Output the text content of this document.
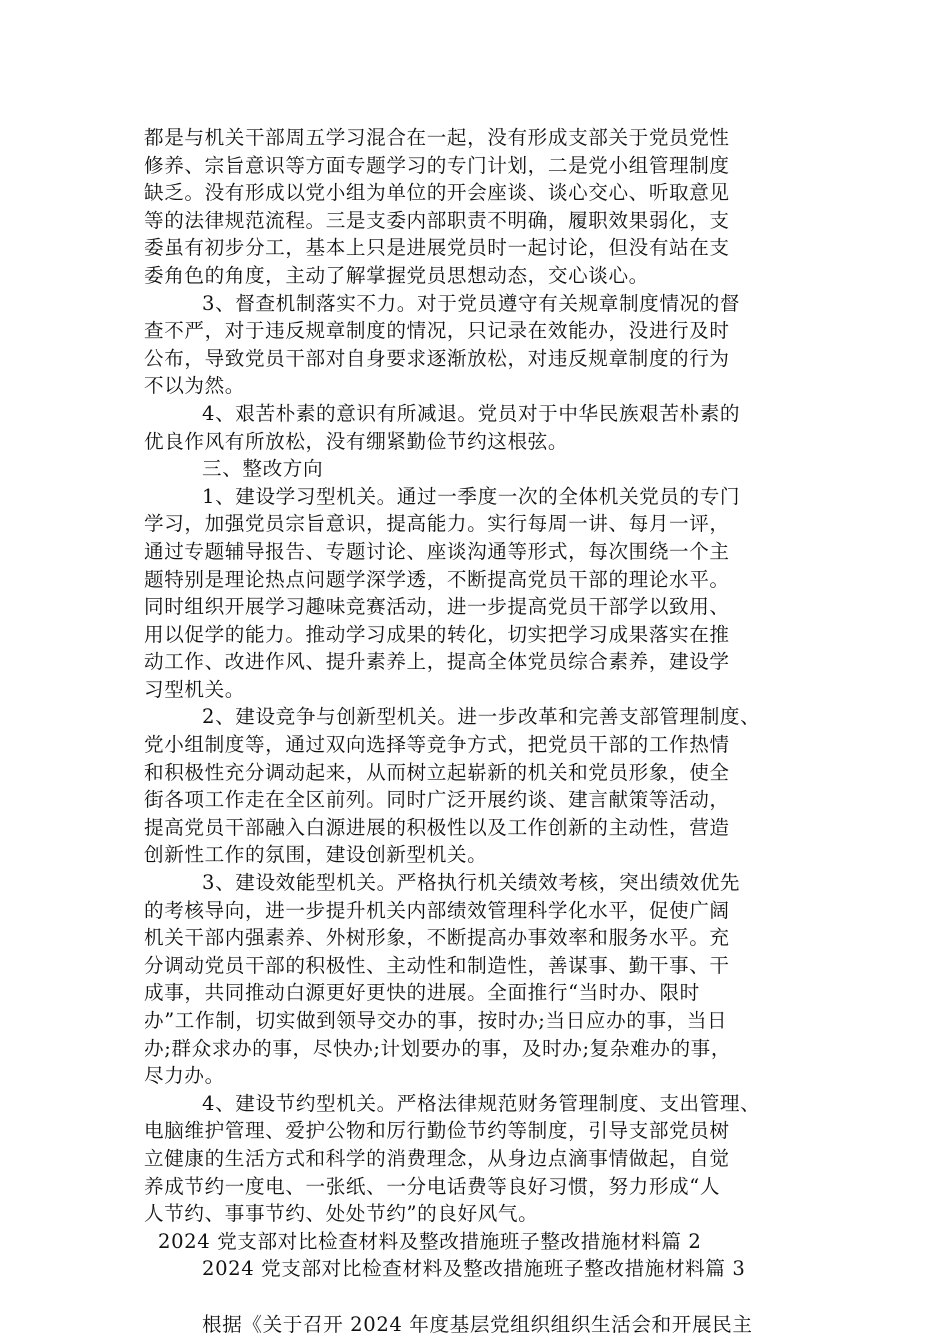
都是与机关干部周五学习混合在一起，没有形成支部关于党员党性
修养、宗旨意识等方面专题学习的专门计划，二是党小组管理制度
缺乏。没有形成以党小组为单位的开会座谈、谈心交心、听取意见
等的法律规范流程。三是支委内部职责不明确，履职效果弱化，支
委虽有初步分工，基本上只是进展党员时一起讨论，但没有站在支
委角色的角度，主动了解掌握党员思想动态，交心谈心。
3、督查机制落实不力。对于党员遵守有关规章制度情况的督
查不严，对于违反规章制度的情况，只记录在效能办，没进行及时
公布，导致党员干部对自身要求逐渐放松，对违反规章制度的行为
不以为然。
4、艰苦朴素的意识有所减退。党员对于中华民族艰苦朴素的
优良作风有所放松，没有绷紧勤俭节约这根弦。
三、整改方向
1、建设学习型机关。通过一季度一次的全体机关党员的专门
学习，加强党员宗旨意识，提高能力。实行每周一讲、每月一评，
通过专题辅导报告、专题讨论、座谈沟通等形式，每次围绕一个主
题特别是理论热点问题学深学透，不断提高党员干部的理论水平。
同时组织开展学习趣味竞赛活动，进一步提高党员干部学以致用、
用以促学的能力。推动学习成果的转化，切实把学习成果落实在推
动工作、改进作风、提升素养上，提高全体党员综合素养，建设学
习型机关。
2、建设竞争与创新型机关。进一步改革和完善支部管理制度、
党小组制度等，通过双向选择等竞争方式，把党员干部的工作热情
和积极性充分调动起来，从而树立起崭新的机关和党员形象，使全
街各项工作走在全区前列。同时广泛开展约谈、建言献策等活动，
提高党员干部融入白源进展的积极性以及工作创新的主动性，营造
创新性工作的氛围，建设创新型机关。
3、建设效能型机关。严格执行机关绩效考核，突出绩效优先
的考核导向，进一步提升机关内部绩效管理科学化水平，促使广阔
机关干部内强素养、外树形象，不断提高办事效率和服务水平。充
分调动党员干部的积极性、主动性和制造性，善谋事、勤干事、干
成事，共同推动白源更好更快的进展。全面推行“当时办、限时
办”工作制，切实做到领导交办的事，按时办;当日应办的事，当日
办;群众求办的事，尽快办;计划要办的事，及时办;复杂难办的事，
尽力办。
4、建设节约型机关。严格法律规范财务管理制度、支出管理、
电脑维护管理、爱护公物和厉行勤俭节约等制度，引导支部党员树
立健康的生活方式和科学的消费理念，从身边点滴事情做起，自觉
养成节约一度电、一张纸、一分电话费等良好习惯，努力形成“人
人节约、事事节约、处处节约”的良好风气。
2024 党支部对比检查材料及整改措施班子整改措施材料篇 2
2024 党支部对比检查材料及整改措施班子整改措施材料篇 3
根据《关于召开 2024 年度基层党组织组织生活会和开展民主
